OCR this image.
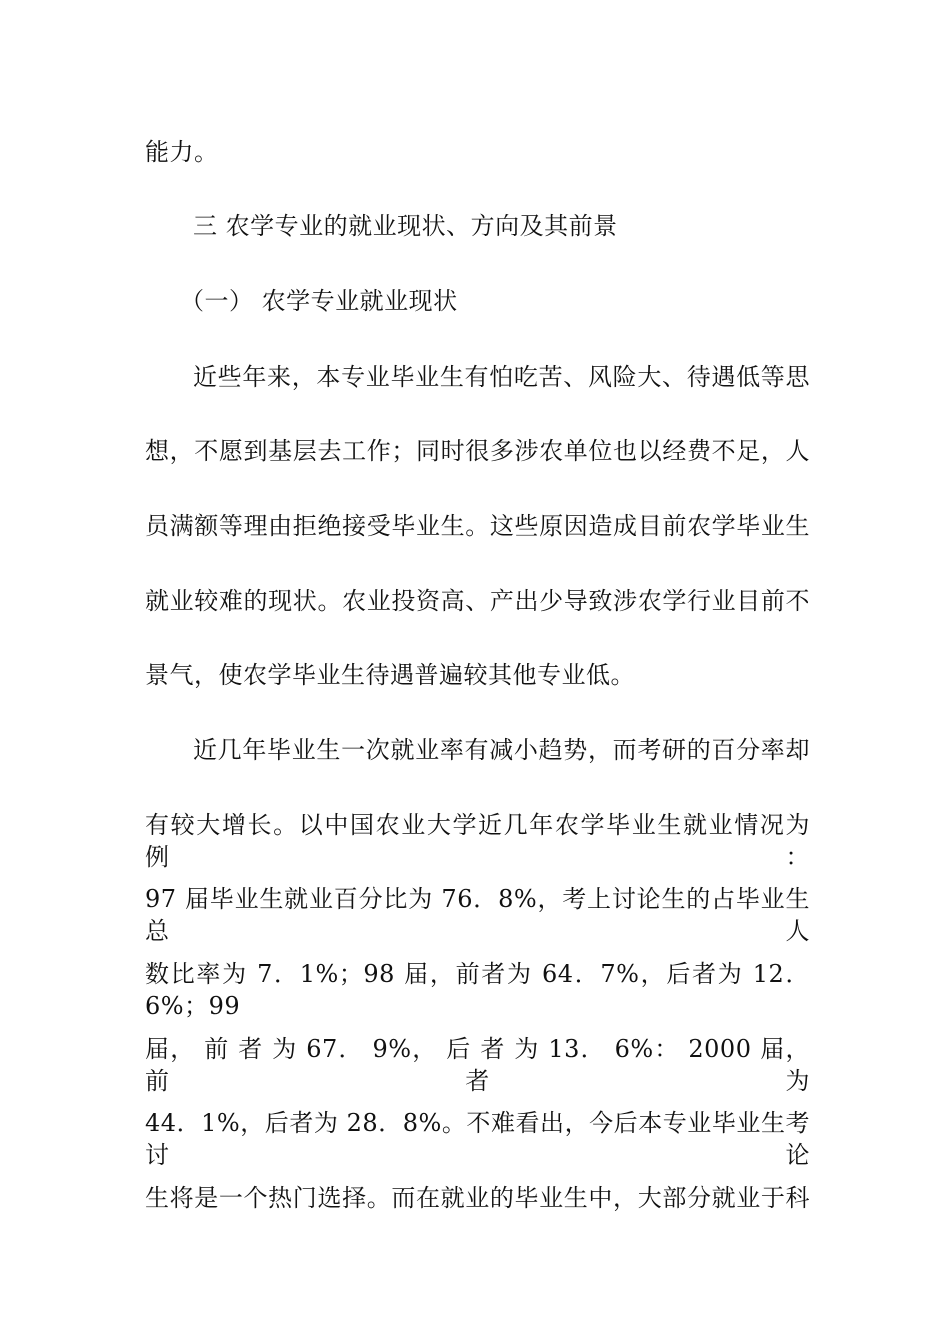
能力。
三 农学专业的就业现状、方向及其前景
（一） 农学专业就业现状
近些年来，本专业毕业生有怕吃苦、风险大、待遇低等思
想，不愿到基层去工作；同时很多涉农单位也以经费不足，人
员满额等理由拒绝接受毕业生。这些原因造成目前农学毕业生
就业较难的现状。农业投资高、产出少导致涉农学行业目前不
景气，使农学毕业生待遇普遍较其他专业低。
近几年毕业生一次就业率有减小趋势，而考研的百分率却
有较大增长。以中国农业大学近几年农学毕业生就业情况为例：
97 届毕业生就业百分比为 76．8%，考上讨论生的占毕业生总人
数比率为 7．1%；98 届，前者为 64．7%，后者为 12．6%；99
届， 前 者 为 67． 9%， 后 者 为 13． 6%： 2000 届， 前 者 为
44．1%，后者为 28．8%。不难看出，今后本专业毕业生考讨论
生将是一个热门选择。而在就业的毕业生中，大部分就业于科
